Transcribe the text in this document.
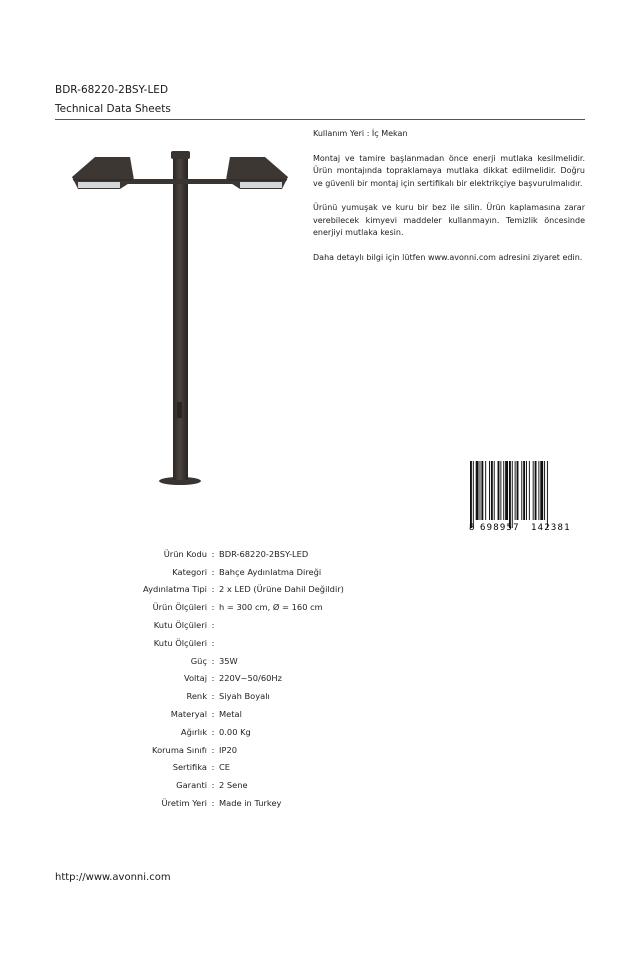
BDR-68220-2BSY-LED
Technical Data Sheets

Kullanım Yeri : İç Mekan

Montaj ve tamire başlanmadan önce enerji mutlaka kesilmelidir. Ürün montajında topraklamaya mutlaka dikkat edilmelidir. Doğru ve güvenli bir montaj için sertifikalı bir elektrikçiye başvurulmalıdır.

Ürünü yumuşak ve kuru bir bez ile silin. Ürün kaplamasına zarar verebilecek kimyevi maddeler kullanmayın. Temizlik öncesinde enerjiyi mutlaka kesin.

Daha detaylı bilgi için lütfen www.avonni.com adresini ziyaret edin.

8 698957 142381
Ürün Kodu : BDR-68220-2BSY-LED
Kategori : Bahçe Aydınlatma Direği
Aydınlatma Tipi : 2 x LED (Ürüne Dahil Değildir)
Ürün Ölçüleri : h = 300 cm, Ø = 160 cm
Kutu Ölçüleri :
Kutu Ölçüleri :
Güç : 35W
Voltaj : 220V~50/60Hz
Renk : Siyah Boyalı
Materyal : Metal
Ağırlık : 0.00 Kg
Koruma Sınıfı : IP20
Sertifika : CE
Garanti : 2 Sene
Üretim Yeri : Made in Turkey
http://www.avonni.com
